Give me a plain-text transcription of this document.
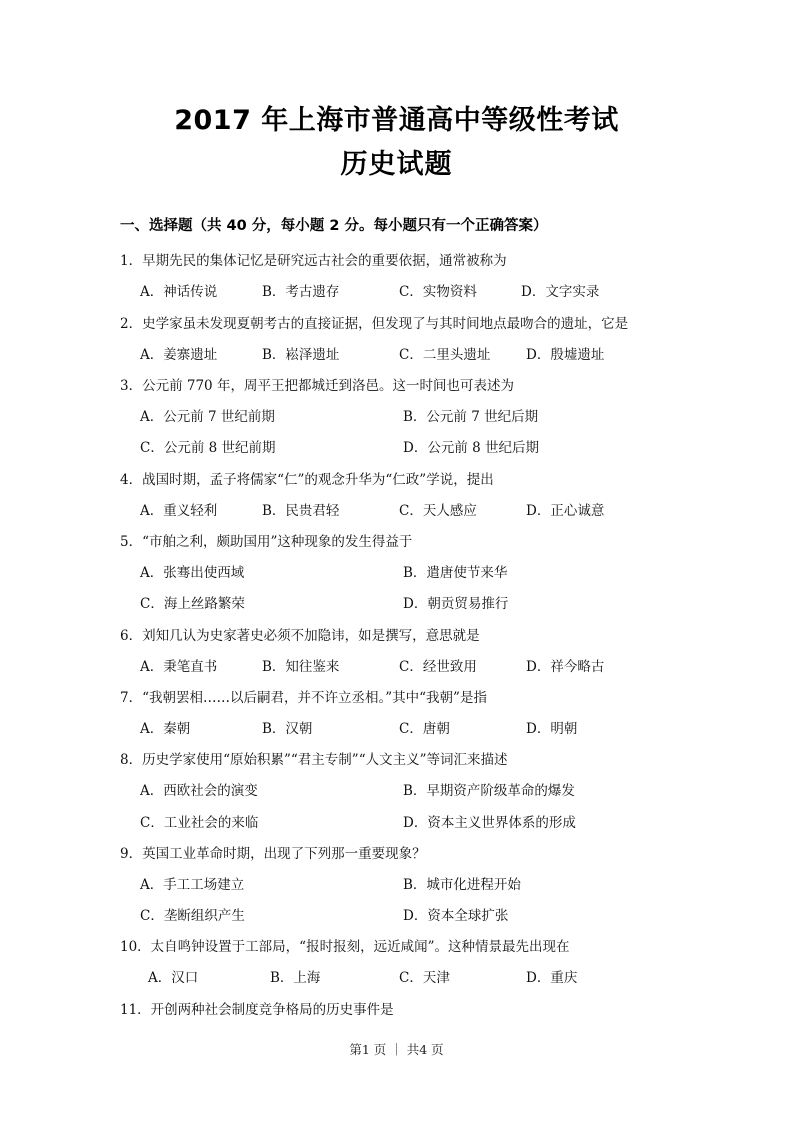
2017 年上海市普通高中等级性考试
历史试题
一、选择题（共 40 分，每小题 2 分。每小题只有一个正确答案）
1．早期先民的集体记忆是研究远古社会的重要依据，通常被称为
A．神话传说	B．考古遗存	C．实物资料	D．文字实录
2．史学家虽未发现夏朝考古的直接证据，但发现了与其时间地点最吻合的遗址，它是
A．姜寨遗址	B．崧泽遗址	C．二里头遗址	D．殷墟遗址
3．公元前 770 年，周平王把都城迁到洛邑。这一时间也可表述为
A．公元前 7 世纪前期	B．公元前 7 世纪后期
C．公元前 8 世纪前期	D．公元前 8 世纪后期
4．战国时期，孟子将儒家“仁”的观念升华为“仁政”学说，提出
A．重义轻利	B．民贵君轻	C．天人感应	D．正心诚意
5．“市舶之利，颇助国用”这种现象的发生得益于
A．张骞出使西域	B．遣唐使节来华
C．海上丝路繁荣	D．朝贡贸易推行
6．刘知几认为史家著史必须不加隐讳，如是撰写，意思就是
A．秉笔直书	B．知往鉴来	C．经世致用	D．祥今略古
7．“我朝罢相……以后嗣君，并不许立丞相。”其中“我朝”是指
A．秦朝	B．汉朝	C．唐朝	D．明朝
8．历史学家使用“原始积累”“君主专制”“人文主义”等词汇来描述
A．西欧社会的演变	B．早期资产阶级革命的爆发
C．工业社会的来临	D．资本主义世界体系的形成
9．英国工业革命时期，出现了下列那一重要现象？
A．手工工场建立	B．城市化进程开始
C．垄断组织产生	D．资本全球扩张
10．太自鸣钟设置于工部局，“报时报刻，远近咸闻”。这种情景最先出现在
A．汉口	B．上海	C．天津	D．重庆
11．开创两种社会制度竞争格局的历史事件是
第1 页 ｜ 共4 页
